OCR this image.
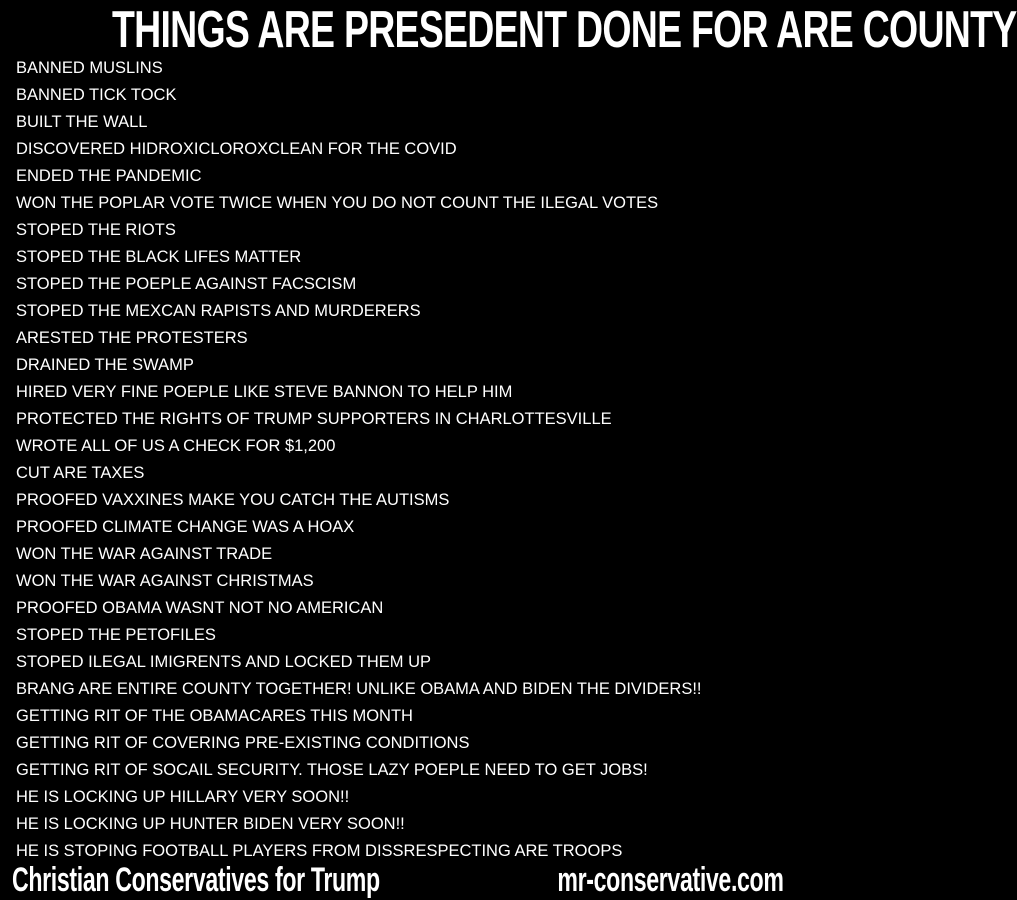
THINGS ARE PRESEDENT DONE FOR ARE COUNTY
BANNED MUSLINS
BANNED TICK TOCK
BUILT THE WALL
DISCOVERED HIDROXICLOROXCLEAN FOR THE COVID
ENDED THE PANDEMIC
WON THE POPLAR VOTE TWICE WHEN YOU DO NOT COUNT THE ILEGAL VOTES
STOPED THE RIOTS
STOPED THE BLACK LIFES MATTER
STOPED THE POEPLE AGAINST FACSCISM
STOPED THE MEXCAN RAPISTS AND MURDERERS
ARESTED THE PROTESTERS
DRAINED THE SWAMP
HIRED VERY FINE POEPLE LIKE STEVE BANNON TO HELP HIM
PROTECTED THE RIGHTS OF TRUMP SUPPORTERS IN CHARLOTTESVILLE
WROTE ALL OF US A CHECK FOR $1,200
CUT ARE TAXES
PROOFED VAXXINES MAKE YOU CATCH THE AUTISMS
PROOFED CLIMATE CHANGE WAS A HOAX
WON THE WAR AGAINST TRADE
WON THE WAR AGAINST CHRISTMAS
PROOFED OBAMA WASNT NOT NO AMERICAN
STOPED THE PETOFILES
STOPED ILEGAL IMIGRENTS AND LOCKED THEM UP
BRANG ARE ENTIRE COUNTY TOGETHER! UNLIKE OBAMA AND BIDEN THE DIVIDERS!!
GETTING RIT OF THE OBAMACARES THIS MONTH
GETTING RIT OF COVERING PRE-EXISTING CONDITIONS
GETTING RIT OF SOCAIL SECURITY. THOSE LAZY POEPLE NEED TO GET JOBS!
HE IS LOCKING UP HILLARY VERY SOON!!
HE IS LOCKING UP HUNTER BIDEN VERY SOON!!
HE IS STOPING FOOTBALL PLAYERS FROM DISSRESPECTING ARE TROOPS
Christian Conservatives for Trump	mr-conservative.com
